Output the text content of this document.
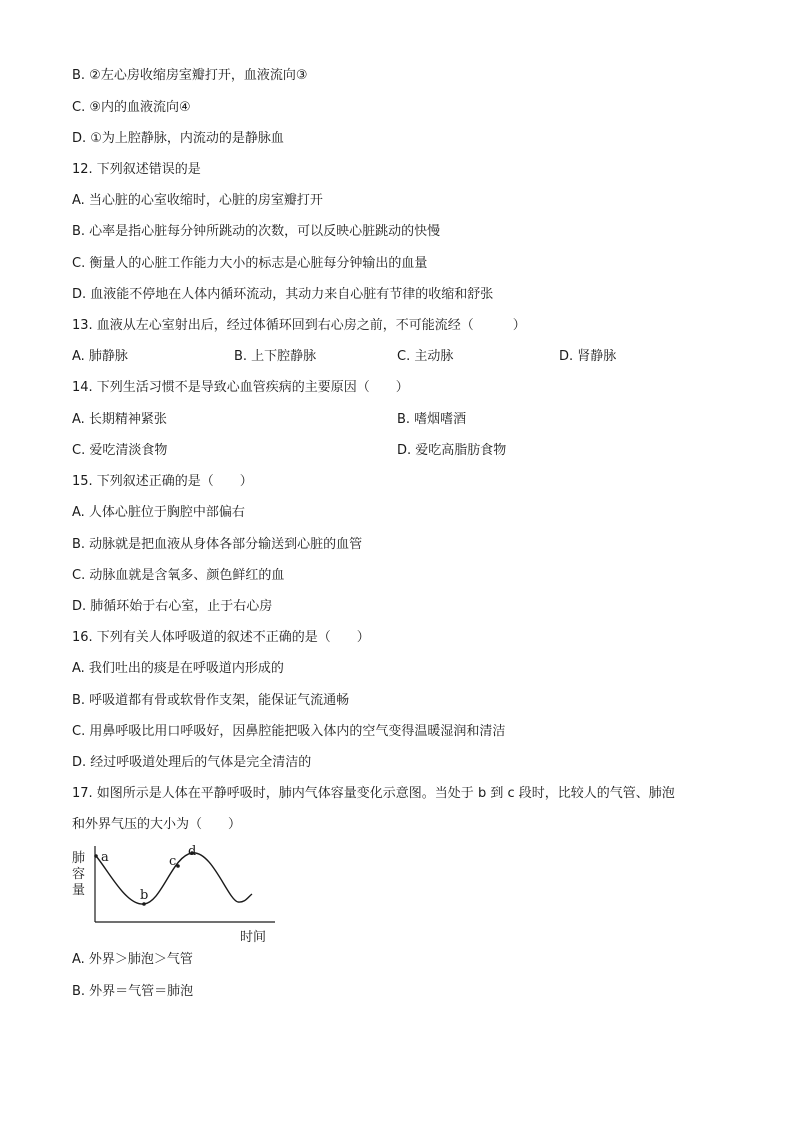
B. ②左心房收缩房室瓣打开，血液流向③
C. ⑨内的血液流向④
D. ①为上腔静脉，内流动的是静脉血
12. 下列叙述错误的是
A. 当心脏的心室收缩时，心脏的房室瓣打开
B. 心率是指心脏每分钟所跳动的次数，可以反映心脏跳动的快慢
C. 衡量人的心脏工作能力大小的标志是心脏每分钟输出的血量
D. 血液能不停地在人体内循环流动，其动力来自心脏有节律的收缩和舒张
13. 血液从左心室射出后，经过体循环回到右心房之前，不可能流经（　　　）
A. 肺静脉	B. 上下腔静脉	C. 主动脉	D. 肾静脉
14. 下列生活习惯不是导致心血管疾病的主要原因（　　）
A. 长期精神紧张	B. 嗜烟嗜酒
C. 爱吃清淡食物	D. 爱吃高脂肪食物
15. 下列叙述正确的是（　　）
A. 人体心脏位于胸腔中部偏右
B. 动脉就是把血液从身体各部分输送到心脏的血管
C. 动脉血就是含氧多、颜色鲜红的血
D. 肺循环始于右心室，止于右心房
16. 下列有关人体呼吸道的叙述不正确的是（　　）
A. 我们吐出的痰是在呼吸道内形成的
B. 呼吸道都有骨或软骨作支架，能保证气流通畅
C. 用鼻呼吸比用口呼吸好，因鼻腔能把吸入体内的空气变得温暖湿润和清洁
D. 经过呼吸道处理后的气体是完全清洁的
17. 如图所示是人体在平静呼吸时，肺内气体容量变化示意图。当处于 b 到 c 段时，比较人的气管、肺泡
和外界气压的大小为（　　）
肺
容
量
a
b
c
d
时间
A. 外界＞肺泡＞气管
B. 外界＝气管＝肺泡
